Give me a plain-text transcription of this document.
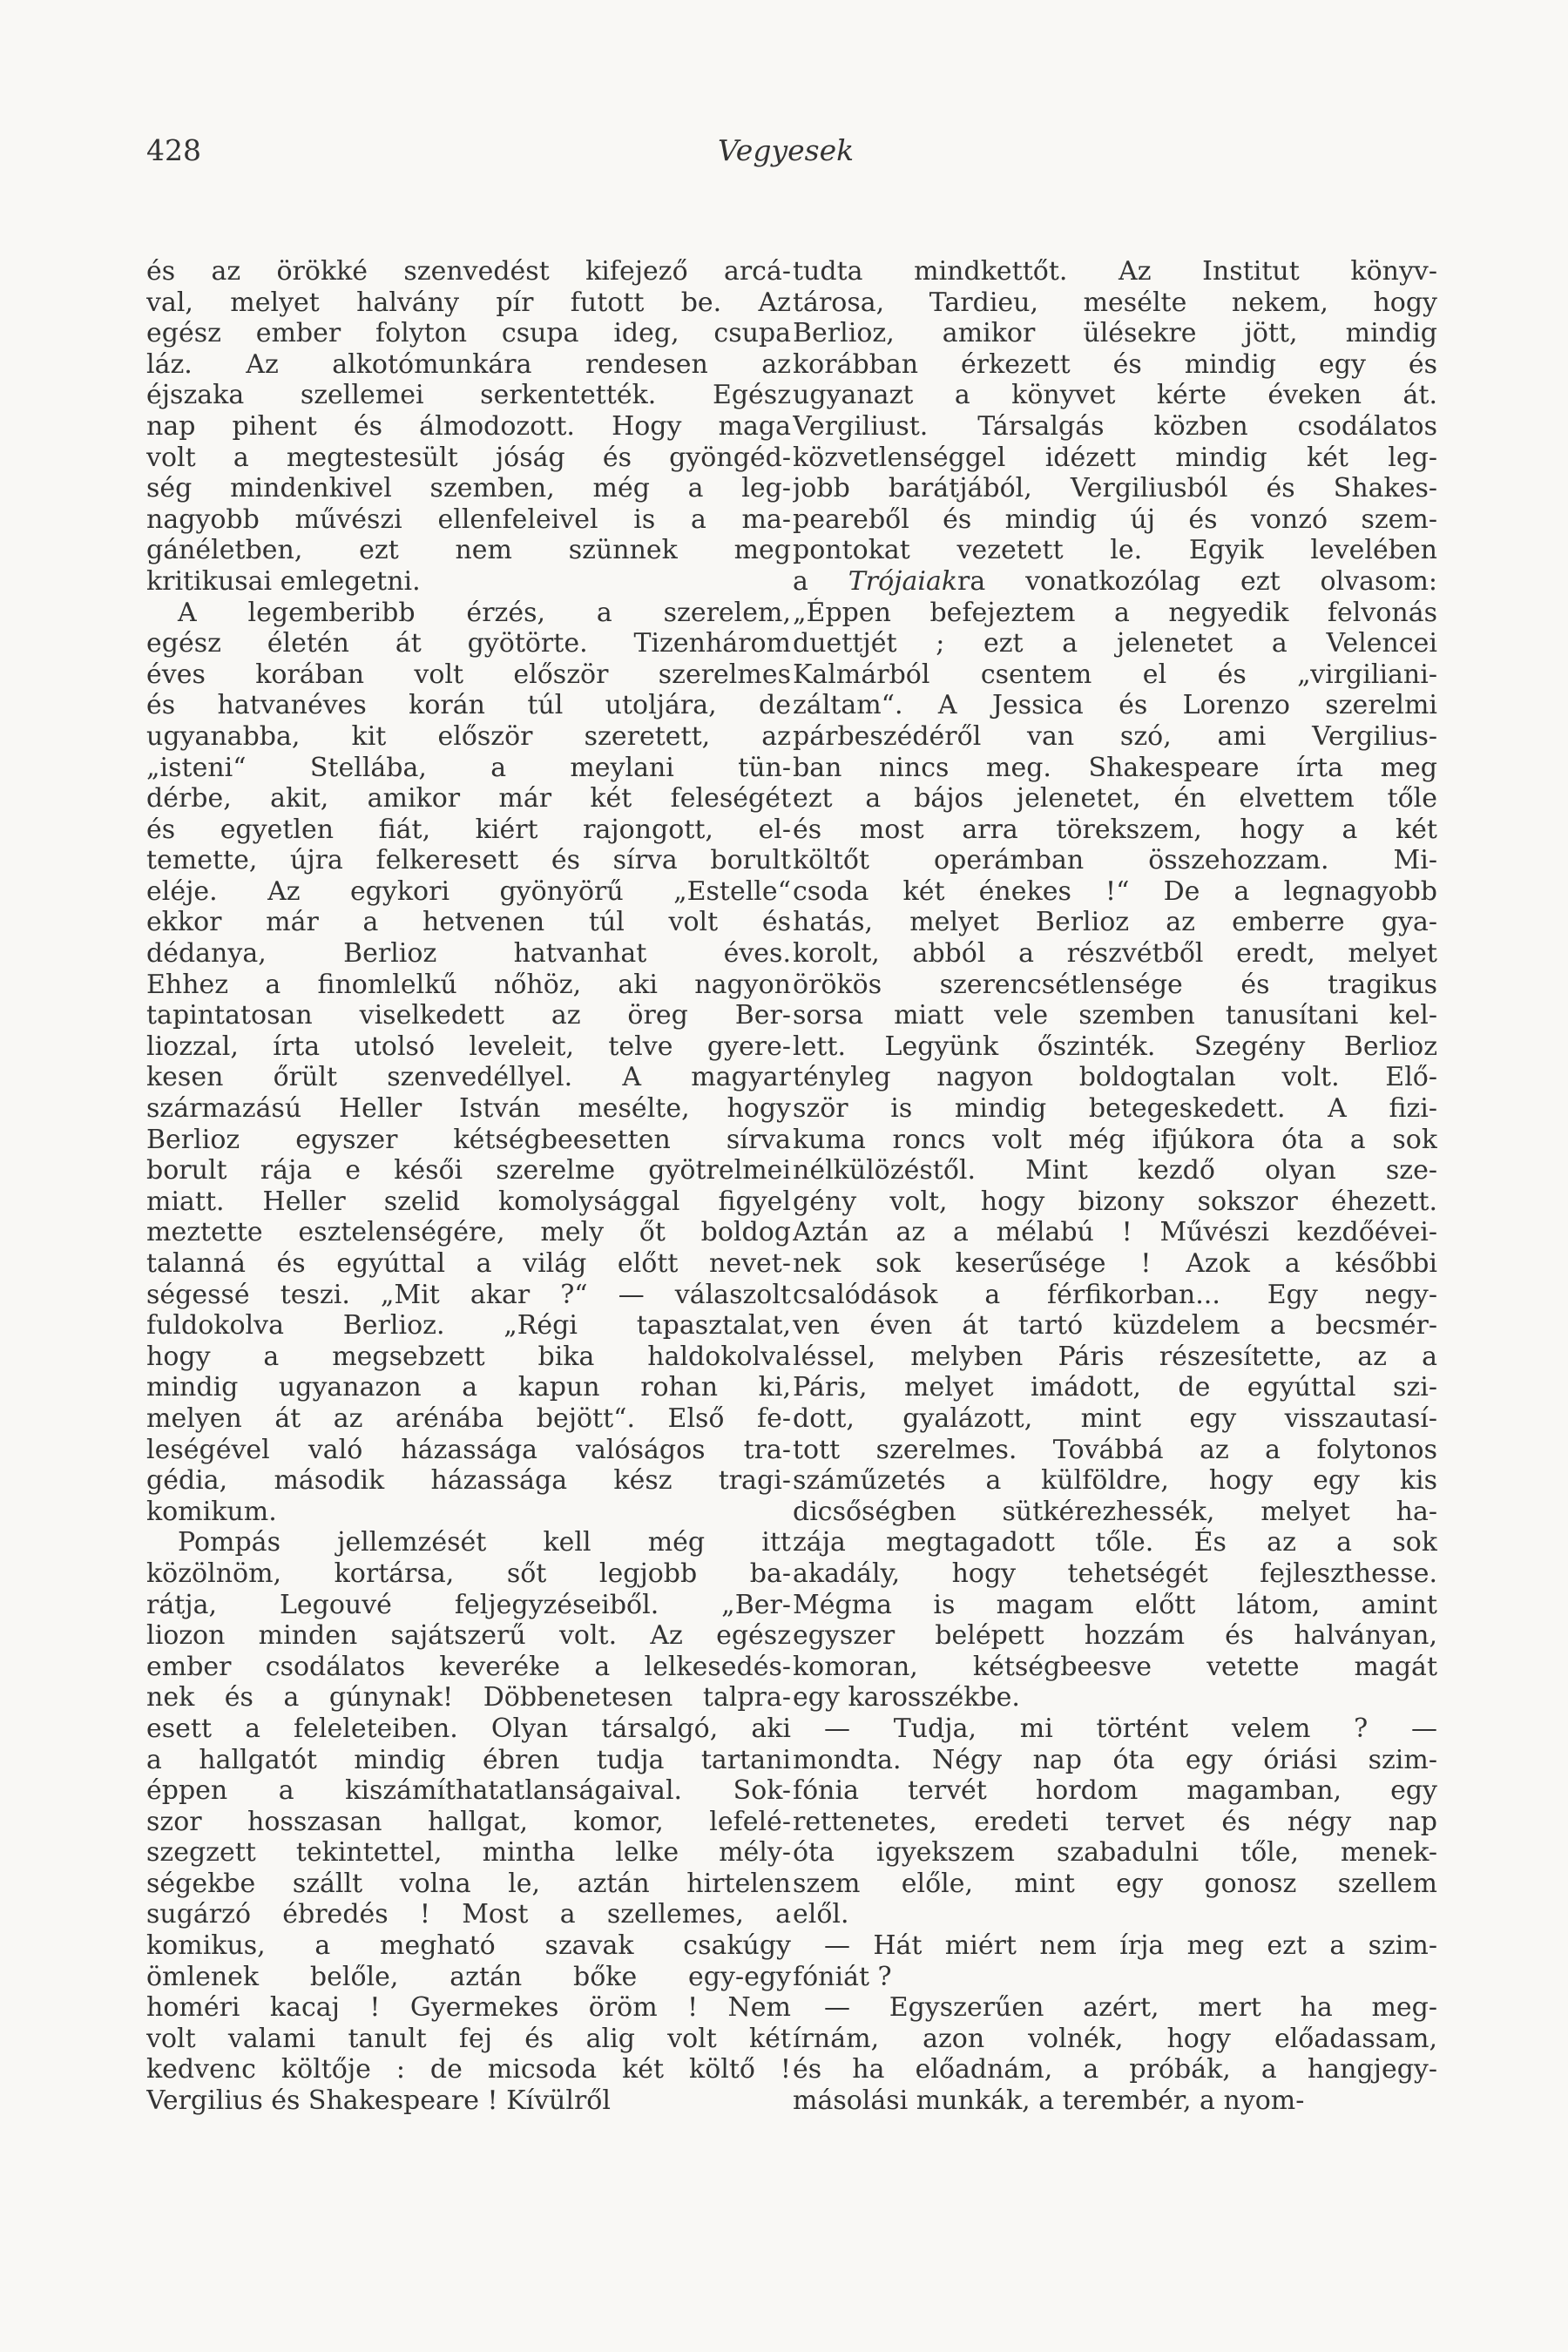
428	Vegyesek

és az örökké szenvedést kifejező arcá-
val, melyet halvány pír futott be. Az
egész ember folyton csupa ideg, csupa
láz. Az alkotómunkára rendesen az
éjszaka szellemei serkentették. Egész
nap pihent és álmodozott. Hogy maga
volt a megtestesült jóság és gyöngéd-
ség mindenkivel szemben, még a leg-
nagyobb művészi ellenfeleivel is a ma-
gánéletben, ezt nem szünnek meg
kritikusai emlegetni.

A legemberibb érzés, a szerelem,
egész életén át gyötörte. Tizenhárom
éves korában volt először szerelmes
és hatvanéves korán túl utoljára, de
ugyanabba, kit először szeretett, az
„isteni“ Stellába, a meylani tün-
dérbe, akit, amikor már két feleségét
és egyetlen fiát, kiért rajongott, el-
temette, újra felkeresett és sírva borult
eléje. Az egykori gyönyörű „Estelle“
ekkor már a hetvenen túl volt és
dédanya, Berlioz hatvanhat éves.
Ehhez a finomlelkű nőhöz, aki nagyon
tapintatosan viselkedett az öreg Ber-
liozzal, írta utolsó leveleit, telve gyere-
kesen őrült szenvedéllyel. A magyar
származású Heller István mesélte, hogy
Berlioz egyszer kétségbeesetten sírva
borult rája e késői szerelme gyötrelmei
miatt. Heller szelid komolysággal figyel
meztette esztelenségére, mely őt boldog
talanná és egyúttal a világ előtt nevet-
ségessé teszi. „Mit akar ?“ — válaszolt
fuldokolva Berlioz. „Régi tapasztalat,
hogy a megsebzett bika haldokolva
mindig ugyanazon a kapun rohan ki,
melyen át az arénába bejött“. Első fe-
leségével való házassága valóságos tra-
gédia, második házassága kész tragi-
komikum.

Pompás jellemzését kell még itt
közölnöm, kortársa, sőt legjobb ba-
rátja, Legouvé feljegyzéseiből. „Ber-
liozon minden sajátszerű volt. Az egész
ember csodálatos keveréke a lelkesedés-
nek és a gúnynak! Döbbenetesen talpra-
esett a feleleteiben. Olyan társalgó, aki
a hallgatót mindig ébren tudja tartani
éppen a kiszámíthatatlanságaival. Sok-
szor hosszasan hallgat, komor, lefelé-
szegzett tekintettel, mintha lelke mély-
ségekbe szállt volna le, aztán hirtelen
sugárzó ébredés ! Most a szellemes, a
komikus, a megható szavak csakúgy
ömlenek belőle, aztán bőke egy-egy
homéri kacaj ! Gyermekes öröm ! Nem
volt valami tanult fej és alig volt két
kedvenc költője : de micsoda két költő !
Vergilius és Shakespeare ! Kívülről

tudta mindkettőt. Az Institut könyv-
tárosa, Tardieu, mesélte nekem, hogy
Berlioz, amikor ülésekre jött, mindig
korábban érkezett és mindig egy és
ugyanazt a könyvet kérte éveken át.
Vergiliust. Társalgás közben csodálatos
közvetlenséggel idézett mindig két leg-
jobb barátjából, Vergiliusból és Shakes-
peareből és mindig új és vonzó szem-
pontokat vezetett le. Egyik levelében
a Trójaiakra vonatkozólag ezt olvasom:
„Éppen befejeztem a negyedik felvonás
duettjét ; ezt a jelenetet a Velencei
Kalmárból csentem el és „virgiliani-
záltam“. A Jessica és Lorenzo szerelmi
párbeszédéről van szó, ami Vergilius-
ban nincs meg. Shakespeare írta meg
ezt a bájos jelenetet, én elvettem tőle
és most arra törekszem, hogy a két
költőt operámban összehozzam. Mi-
csoda két énekes !“ De a legnagyobb
hatás, melyet Berlioz az emberre gya-
korolt, abból a részvétből eredt, melyet
örökös szerencsétlensége és tragikus
sorsa miatt vele szemben tanusítani kel-
lett. Legyünk őszinték. Szegény Berlioz
tényleg nagyon boldogtalan volt. Elő-
ször is mindig betegeskedett. A fizi-
kuma roncs volt még ifjúkora óta a sok
nélkülözéstől. Mint kezdő olyan sze-
gény volt, hogy bizony sokszor éhezett.
Aztán az a mélabú ! Művészi kezdőévei-
nek sok keserűsége ! Azok a későbbi
csalódások a férfikorban... Egy negy-
ven éven át tartó küzdelem a becsmér-
léssel, melyben Páris részesítette, az a
Páris, melyet imádott, de egyúttal szi-
dott, gyalázott, mint egy visszautasí-
tott szerelmes. Továbbá az a folytonos
száműzetés a külföldre, hogy egy kis
dicsőségben sütkérezhessék, melyet ha-
zája megtagadott tőle. És az a sok
akadály, hogy tehetségét fejleszthesse.
Mégma is magam előtt látom, amint
egyszer belépett hozzám és halványan,
komoran, kétségbeesve vetette magát
egy karosszékbe.

— Tudja, mi történt velem ? —
mondta. Négy nap óta egy óriási szim-
fónia tervét hordom magamban, egy
rettenetes, eredeti tervet és négy nap
óta igyekszem szabadulni tőle, menek-
szem előle, mint egy gonosz szellem
elől.

— Hát miért nem írja meg ezt a szim-
fóniát ?

— Egyszerűen azért, mert ha meg-
írnám, azon volnék, hogy előadassam,
és ha előadnám, a próbák, a hangjegy-
másolási munkák, a terembér, a nyom-
